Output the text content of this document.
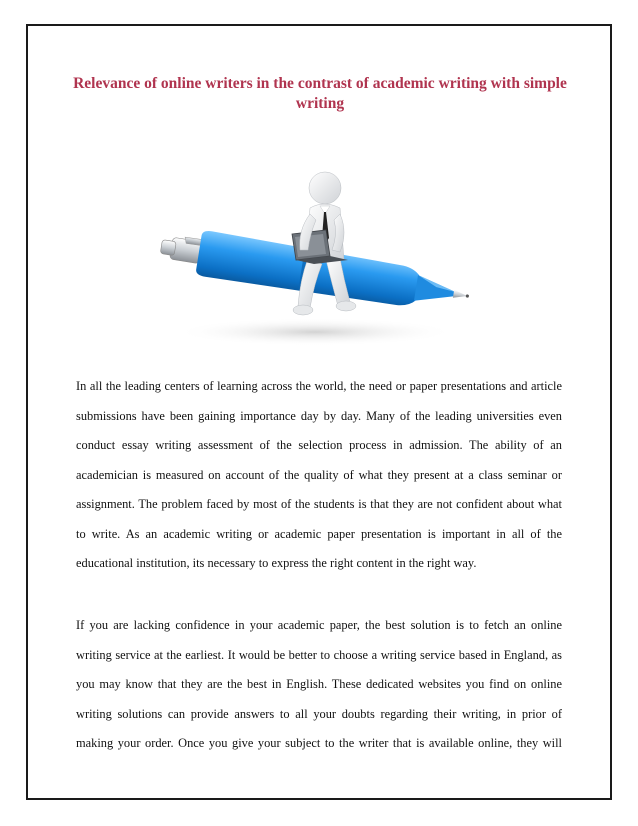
Relevance of online writers in the contrast of academic writing with simple writing
In all the leading centers of learning across the world, the need or paper presentations and article
submissions have been gaining importance day by day. Many of the leading universities even
conduct essay writing assessment of the selection process in admission. The ability of an
academician is measured on account of the quality of what they present at a class seminar or
assignment. The problem faced by most of the students is that they are not confident about what
to write. As an academic writing or academic paper presentation is important in all of the
educational institution, its necessary to express the right content in the right way.
If you are lacking confidence in your academic paper, the best solution is to fetch an online
writing service at the earliest. It would be better to choose a writing service based in England, as
you may know that they are the best in English. These dedicated websites you find on online
writing solutions can provide answers to all your doubts regarding their writing, in prior of
making your order. Once you give your subject to the writer that is available online, they will
